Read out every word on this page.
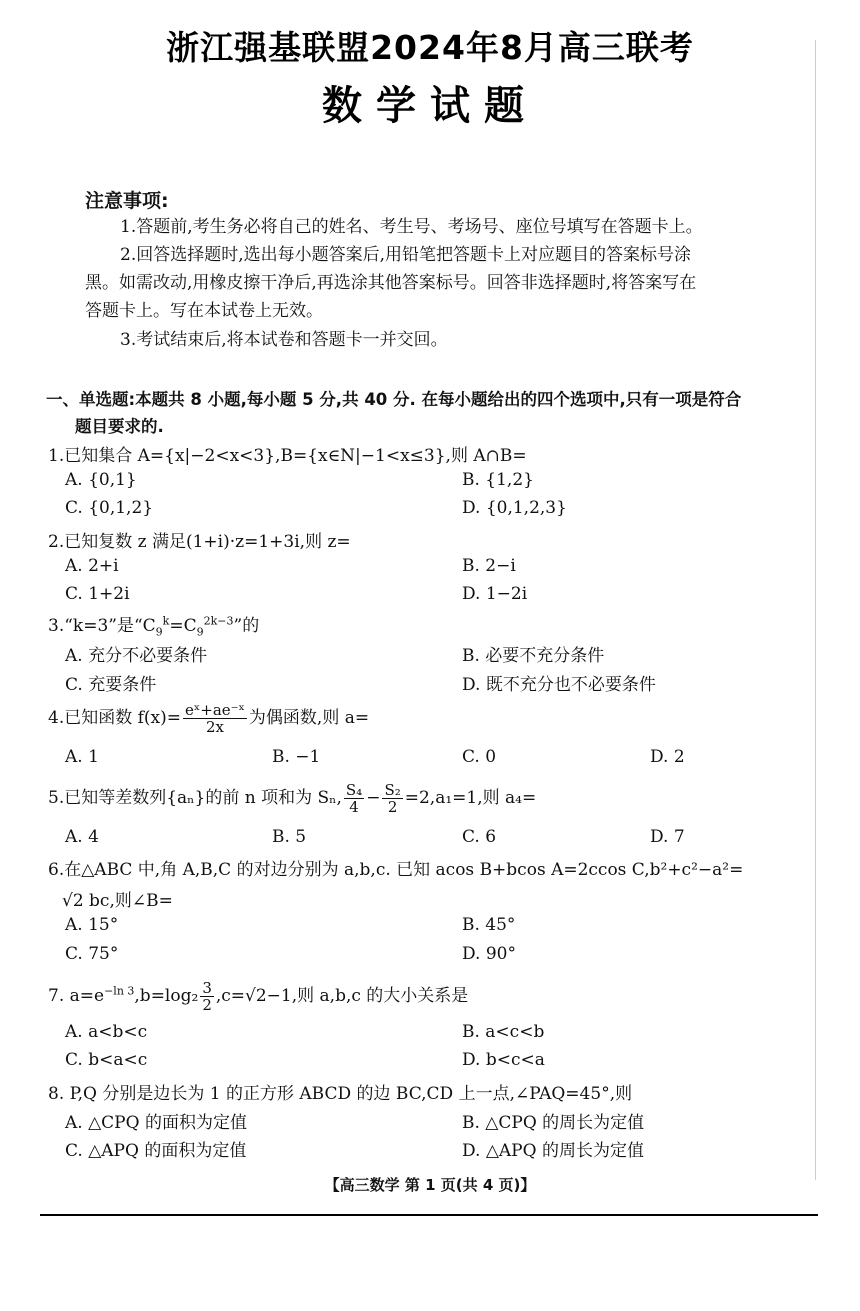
浙江强基联盟2024年8月高三联考
数学试题
注意事项:
1.答题前,考生务必将自己的姓名、考生号、考场号、座位号填写在答题卡上。
2.回答选择题时,选出每小题答案后,用铅笔把答题卡上对应题目的答案标号涂
黑。如需改动,用橡皮擦干净后,再选涂其他答案标号。回答非选择题时,将答案写在
答题卡上。写在本试卷上无效。
3.考试结束后,将本试卷和答题卡一并交回。
一、单选题:本题共 8 小题,每小题 5 分,共 40 分. 在每小题给出的四个选项中,只有一项是符合
题目要求的.
1.已知集合 A={x|−2<x<3},B={x∈N|−1<x≤3},则 A∩B=
A. {0,1}	B. {1,2}
C. {0,1,2}	D. {0,1,2,3}
2.已知复数 z 满足(1+i)·z=1+3i,则 z=
A. 2+i	B. 2−i
C. 1+2i	D. 1−2i
3.“k=3”是“$C_9^k=C_9^{2k-3}$”的
A. 充分不必要条件	B. 必要不充分条件
C. 充要条件	D. 既不充分也不必要条件
4.已知函数 $f(x)= \frac{\text{eˣ+ae⁻ˣ}}{2x}$ 为偶函数,则 a=
A. 1	B. −1	C. 0	D. 2
5.已知等差数列{aₙ}的前 n 项和为 Sₙ, $\frac{\text{S₄}}{4} - \frac{\text{S₂}}{2} =2,a_1=1$,则 a₄=
A. 4	B. 5	C. 6	D. 7
6.在△ABC 中,角 A,B,C 的对边分别为 a,b,c. 已知 acos B+bcos A=2ccos C,b²+c²−a²=
√2 bc,则∠B=
A. 15°	B. 45°
C. 75°	D. 90°
7. $a=e^{-ln 3},b=\log_2 \frac{3}{2} ,c=√2-1$,则 a,b,c 的大小关系是
A. a<b<c	B. a<c<b
C. b<a<c	D. b<c<a
8. P,Q 分别是边长为 1 的正方形 ABCD 的边 BC,CD 上一点,∠PAQ=45°,则
A. △CPQ 的面积为定值	B. △CPQ 的周长为定值
C. △APQ 的面积为定值	D. △APQ 的周长为定值
【高三数学 第 1 页(共 4 页)】
